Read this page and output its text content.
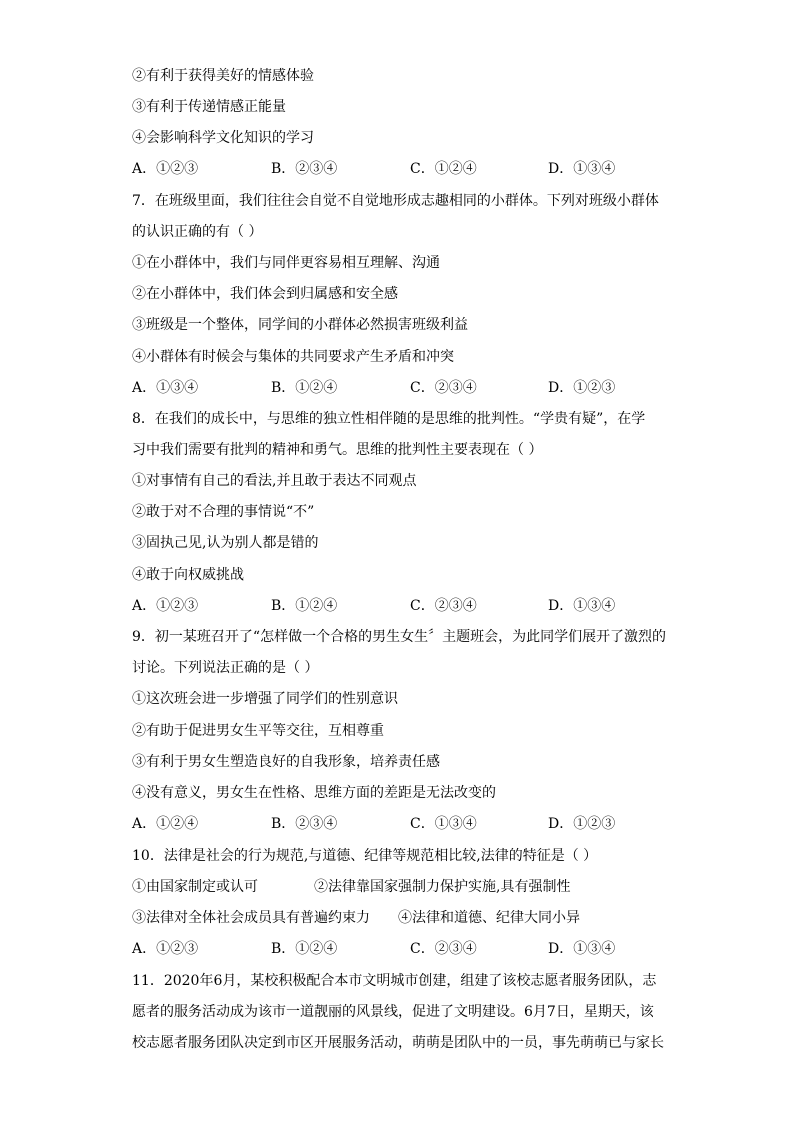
②有利于获得美好的情感体验
③有利于传递情感正能量
④会影响科学文化知识的学习
A．①②③	B．②③④	C．①②④	D．①③④
7．在班级里面，我们往往会自觉不自觉地形成志趣相同的小群体。下列对班级小群体
的认识正确的有（ ）
①在小群体中，我们与同伴更容易相互理解、沟通
②在小群体中，我们体会到归属感和安全感
③班级是一个整体，同学间的小群体必然损害班级利益
④小群体有时候会与集体的共同要求产生矛盾和冲突
A．①③④	B．①②④	C．②③④	D．①②③
8．在我们的成长中，与思维的独立性相伴随的是思维的批判性。“学贵有疑”，在学
习中我们需要有批判的精神和勇气。思维的批判性主要表现在（ ）
①对事情有自己的看法,并且敢于表达不同观点
②敢于对不合理的事情说“不”
③固执己见,认为别人都是错的
④敢于向权威挑战
A．①②③	B．①②④	C．②③④	D．①③④
9．初一某班召开了“怎样做一个合格的男生女生〞主题班会，为此同学们展开了激烈的
讨论。下列说法正确的是（ ）
①这次班会进一步增强了同学们的性别意识
②有助于促进男女生平等交往，互相尊重
③有利于男女生塑造良好的自我形象，培养责任感
④没有意义，男女生在性格、思维方面的差距是无法改变的
A．①②④	B．②③④	C．①③④	D．①②③
10．法律是社会的行为规范,与道德、纪律等规范相比较,法律的特征是（ ）
①由国家制定或认可	②法律靠国家强制力保护实施,具有强制性
③法律对全体社会成员具有普遍约束力 ④法律和道德、纪律大同小异
A．①②③	B．①②④	C．②③④	D．①③④
11．2020年6月，某校积极配合本市文明城市创建，组建了该校志愿者服务团队，志
愿者的服务活动成为该市一道靓丽的风景线，促进了文明建设。6月7日，星期天，该
校志愿者服务团队决定到市区开展服务活动，萌萌是团队中的一员，事先萌萌已与家长
